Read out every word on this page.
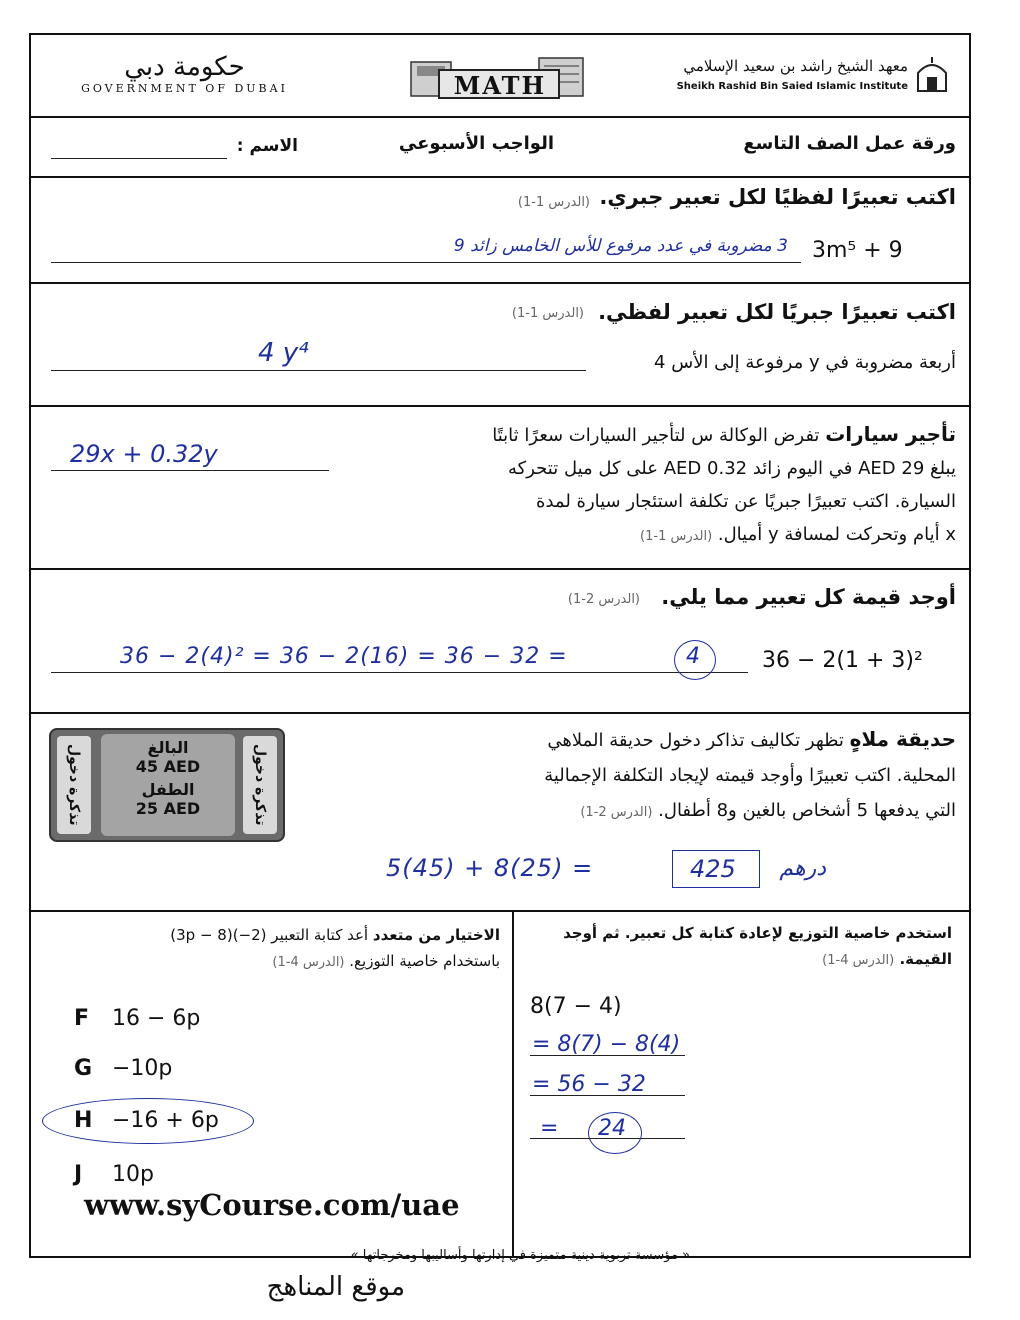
حكومة دبي
GOVERNMENT OF DUBAI	MATH
معهد الشيخ راشد بن سعيد الإسلامي
Sheikh Rashid Bin Saied Islamic Institute
ورقة عمل الصف التاسع
الواجب الأسبوعي
الاسم :
اكتب تعبيرًا لفظيًا لكل تعبير جبري.
(الدرس 1-1)
3m⁵ + 9
3 مضروبة في عدد مرفوع للأس الخامس زائد 9
اكتب تعبيرًا جبريًا لكل تعبير لفظي.
(الدرس 1-1)
أربعة مضروبة في y مرفوعة إلى الأس 4
4 y⁴
تأجير سيارات تفرض الوكالة س لتأجير السيارات سعرًا ثابتًا
يبلغ 29 AED في اليوم زائد 0.32 AED على كل ميل تتحركه
السيارة. اكتب تعبيرًا جبريًا عن تكلفة استئجار سيارة لمدة
x أيام وتحركت لمسافة y أميال. (الدرس 1-1)
29x + 0.32y
أوجد قيمة كل تعبير مما يلي.
(الدرس 2-1)
36 − 2(1 + 3)²
36 − 2(4)² = 36 − 2(16) = 36 − 32 =	4
تذكرة دخول	البالغ
45 AED
الطفل
25 AED	تذكرة دخول
حديقة ملاهٍ تظهر تكاليف تذاكر دخول حديقة الملاهي
المحلية. اكتب تعبيرًا وأوجد قيمته لإيجاد التكلفة الإجمالية
التي يدفعها 5 أشخاص بالغين و8 أطفال. (الدرس 2-1)
5(45) + 8(25) =	425	درهم
استخدم خاصية التوزيع لإعادة كتابة كل تعبير. ثم أوجد
القيمة. (الدرس 4-1)
8(7 − 4)
= 8(7) − 8(4)
= 56 − 32
= 24
الاختيار من متعدد أعد كتابة التعبير (2−)(3p − 8)
باستخدام خاصية التوزيع. (الدرس 4-1)
F 16 − 6p
G −10p
H −16 + 6p
J 10p
www.syCourse.com/uae
« مؤسسة تربوية دينية متميزة في إدارتها وأساليبها ومخرجاتها »
موقع المناهج
